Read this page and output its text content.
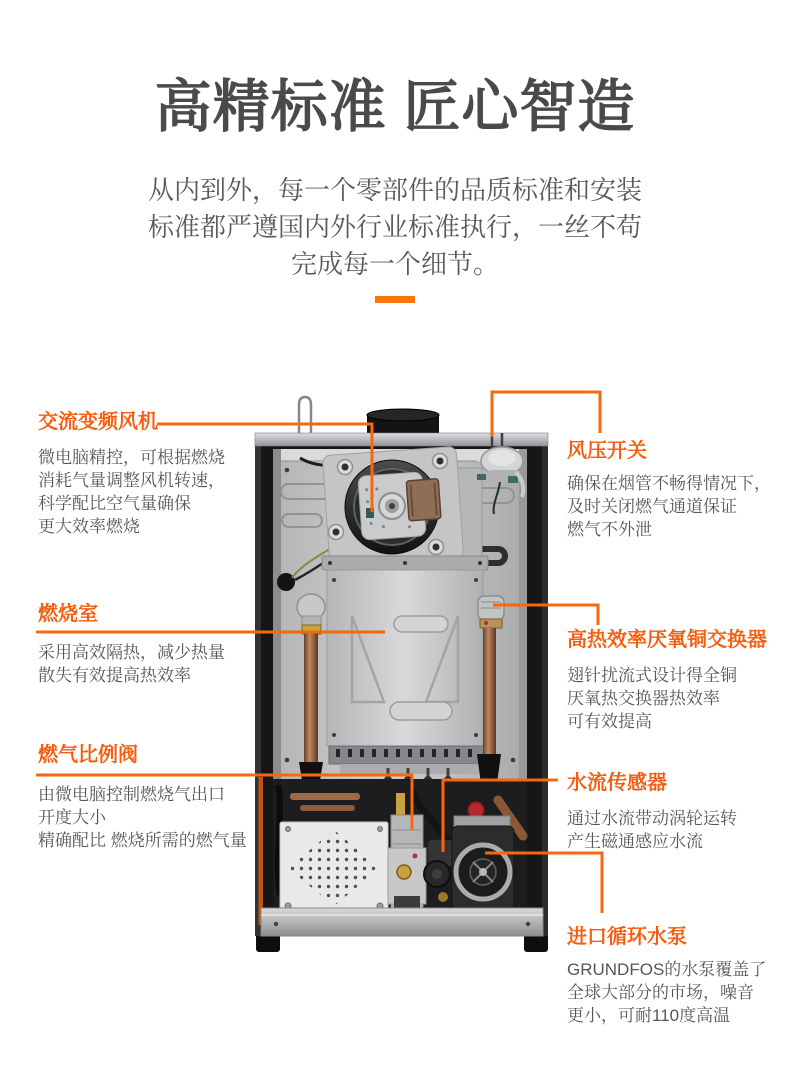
高精标准 匠心智造
从内到外，每一个零部件的品质标准和安装
标准都严遵国内外行业标准执行，一丝不苟
完成每一个细节。
交流变频风机
微电脑精控，可根据燃烧
消耗气量调整风机转速，
科学配比空气量确保
更大效率燃烧
燃烧室
采用高效隔热，减少热量
散失有效提高热效率
燃气比例阀
由微电脑控制燃烧气出口
开度大小
精确配比 燃烧所需的燃气量
风压开关
确保在烟管不畅得情况下，
及时关闭燃气通道保证
燃气不外泄
高热效率厌氧铜交换器
翅针扰流式设计得全铜
厌氧热交换器热效率
可有效提高
水流传感器
通过水流带动涡轮运转
产生磁通感应水流
进口循环水泵
GRUNDFOS的水泵覆盖了
全球大部分的市场，噪音
更小，可耐110度高温
